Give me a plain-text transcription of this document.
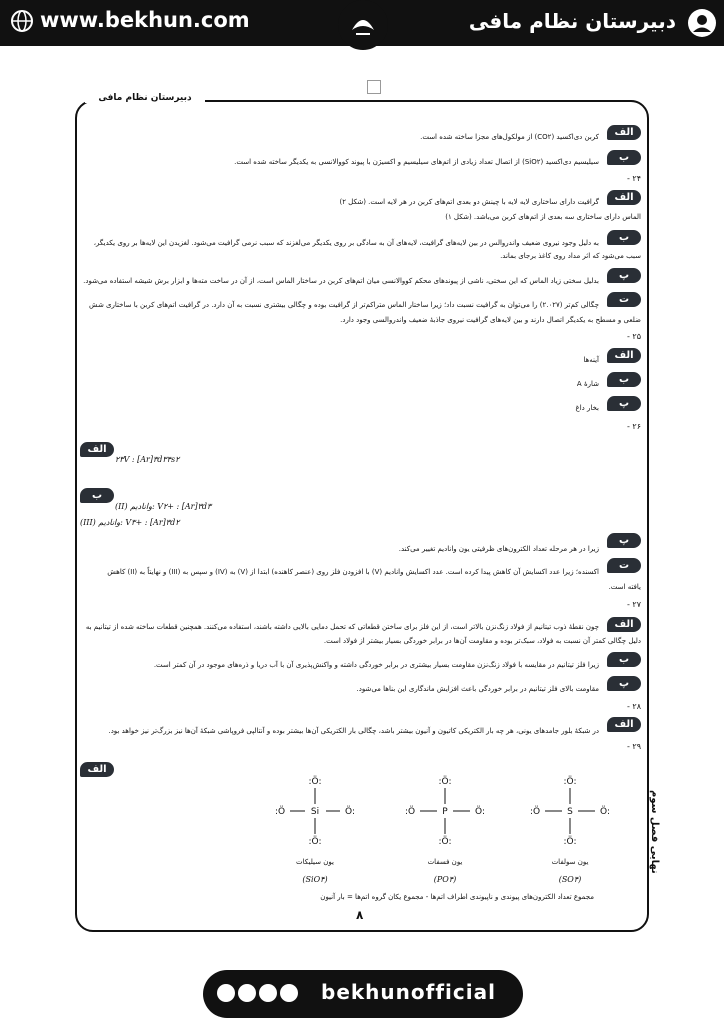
www.bekhun.com	دبیرستان نظام مافی
دبیرستان نظام مافی
الف
کربن دی‌اکسید (CO۲) از مولکول‌های مجزا ساخته شده است.
ب
سیلیسیم دی‌اکسید (SiO۲) از اتصال تعداد زیادی از اتم‌های سیلیسیم و اکسیژن با پیوند کووالانسی به یکدیگر ساخته شده است.
۲۴ -
الف
گرافیت دارای ساختاری لایه لایه با چینش دو بعدی اتم‌های کربن در هر لایه است. (شکل ۲)
الماس دارای ساختاری سه بعدی از اتم‌های کربن می‌باشد. (شکل ۱)
ب
به دلیل وجود نیروی ضعیف واندروالس در بین لایه‌های گرافیت، لایه‌های آن به سادگی بر روی یکدیگر می‌لغزند که سبب نرمی گرافیت می‌شود. لغزیدن این لایه‌ها بر روی یکدیگر،
سبب می‌شود که اثر مداد روی کاغذ برجای بماند.
پ
بدلیل سختی زیاد الماس که این سختی، ناشی از پیوندهای محکم کووالانسی میان اتم‌های کربن در ساختار الماس است، از آن در ساخت مته‌ها و ابزار برش شیشه استفاده می‌شود.
ت
چگالی کم‌تر (۲.۰۲۷) را می‌توان به گرافیت نسبت داد؛ زیرا ساختار الماس متراکم‌تر از گرافیت بوده و چگالی بیشتری نسبت به آن دارد. در گرافیت اتم‌های کربن با ساختاری شش
ضلعی و مسطح به یکدیگر اتصال دارند و بین لایه‌های گرافیت نیروی جاذبهٔ ضعیف واندروالسی وجود دارد.
۲۵ -
الف
آینه‌ها
ب
شارهٔ A
پ
بخار داغ
۲۶ -
الف
۲۳V : [Ar]۳d۳۴s۲
ب
(II) وانادیم: V۲+ : [Ar]۳d۳
(III) وانادیم: V۳+ : [Ar]۳d۲
پ
زیرا در هر مرحله تعداد الکترون‌های ظرفیتی یون وانادیم تغییر می‌کند.
ت
اکسنده؛ زیرا عدد اکسایش آن کاهش پیدا کرده است. عدد اکسایش وانادیم (V) با افزودن فلز روی (عنصر کاهنده) ابتدا از (V) به (IV) و سپس به (III) و نهایتاً به (II) کاهش
یافته است.
۲۷ -
الف
چون نقطهٔ ذوب تیتانیم از فولاد زنگ‌نزن بالاتر است، از این فلز برای ساختن قطعاتی که تحمل دمایی بالایی داشته باشند، استفاده می‌کنند. همچنین قطعات ساخته شده از تیتانیم به
دلیل چگالی کمتر آن نسبت به فولاد، سبک‌تر بوده و مقاومت آن‌ها در برابر خوردگی بسیار بیشتر از فولاد است.
ب
زیرا فلز تیتانیم در مقایسه با فولاد زنگ‌نزن مقاومت بسیار بیشتری در برابر خوردگی داشته و واکنش‌پذیری آن با آب دریا و ذره‌های موجود در آن کمتر است.
پ
مقاومت بالای فلز تیتانیم در برابر خوردگی باعث افزایش ماندگاری این بناها می‌شود.
۲۸ -
الف
در شبکهٔ بلور جامدهای یونی، هر چه بار الکتریکی کاتیون و آنیون بیشتر باشد، چگالی بار الکتریکی آن‌ها بیشتر بوده و آنتالپی فروپاشی شبکهٔ آن‌ها نیز بزرگ‌تر نیز خواهد بود.
۲۹ -
الف
:Ö:
:Ö	Si	Ö:
:Ö:
:Ö:
:Ö	P	Ö:
:Ö:
:Ö:
:Ö	S	Ö:
:Ö:
یون سیلیکات
(SiO۴)
یون فسفات
(PO۴)
یون سولفات
(SO۴)
مجموع تعداد الکترون‌های پیوندی و ناپیوندی اطراف اتم‌ها - مجموع یکان گروه اتم‌ها = بار آنیون
نهایی فصل سوم
۸
bekhunofficial
